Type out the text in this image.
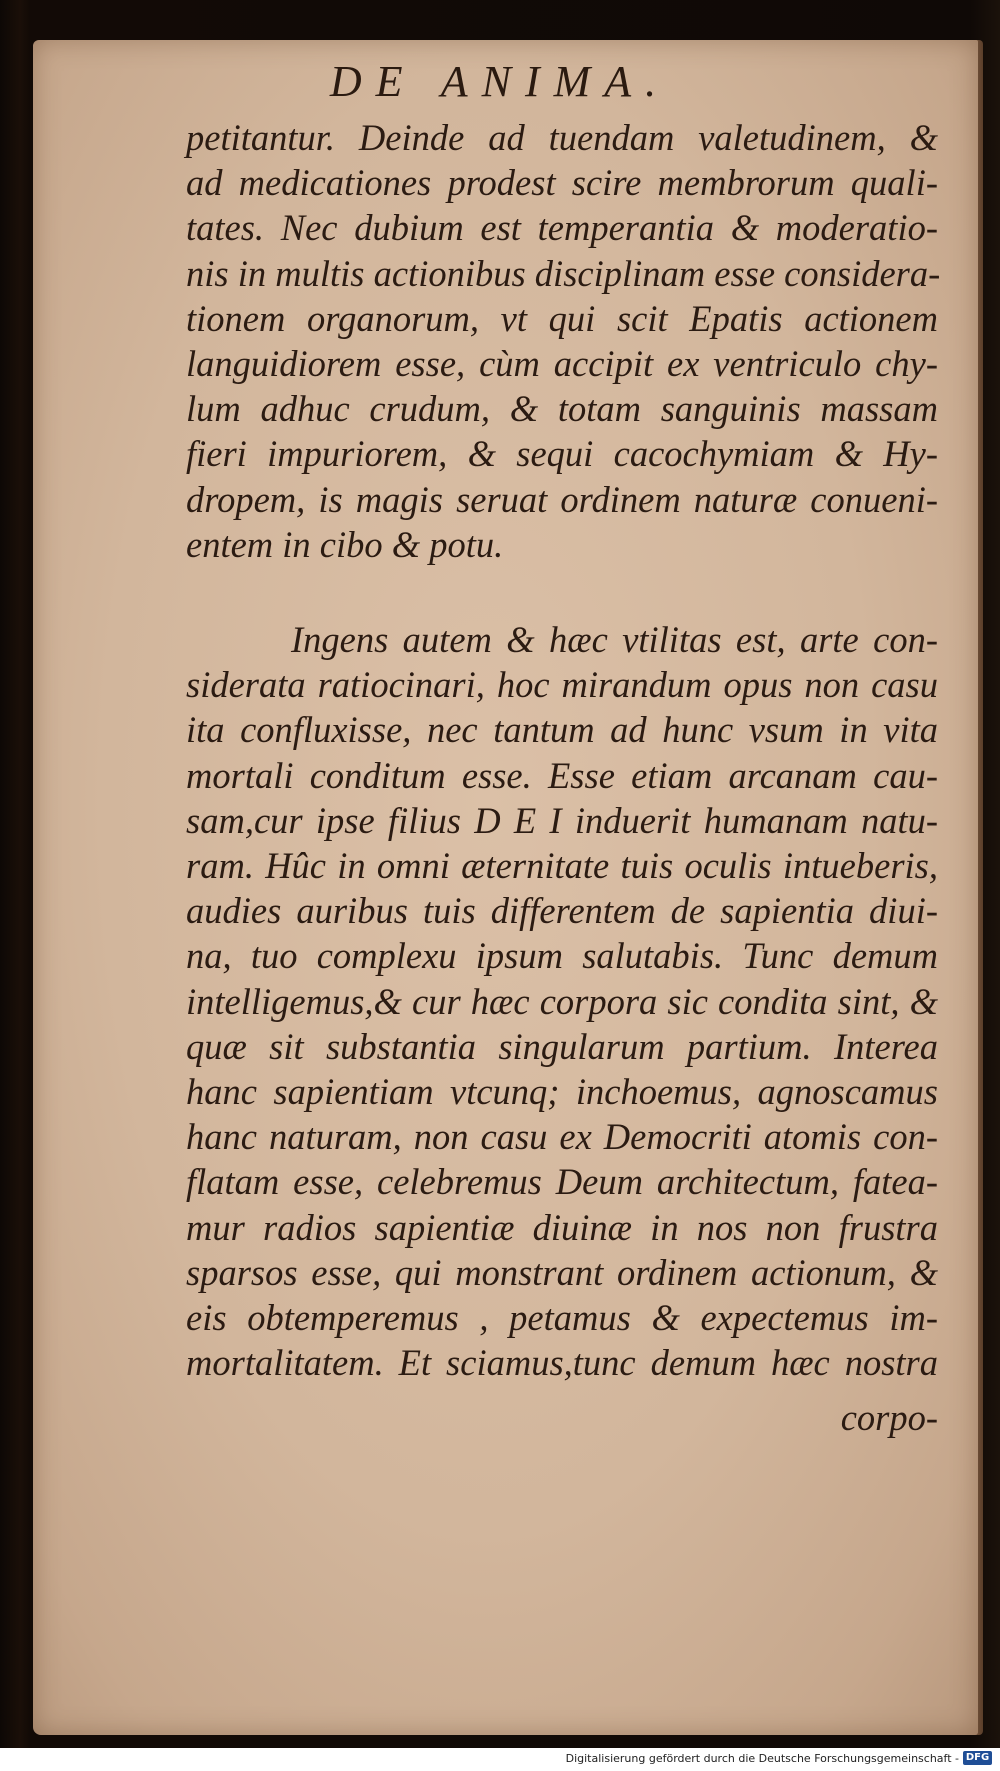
DE ANIMA.
petitantur. Deinde ad tuendam valetudinem, &
ad medicationes prodest scire membrorum quali-
tates. Nec dubium est temperantia & moderatio-
nis in multis actionibus disciplinam esse considera-
tionem organorum, vt qui scit Epatis actionem
languidiorem esse, cùm accipit ex ventriculo chy-
lum adhuc crudum, & totam sanguinis massam
fieri impuriorem, & sequi cacochymiam & Hy-
dropem, is magis seruat ordinem naturæ conueni-
entem in cibo & potu.
Ingens autem & hæc vtilitas est, arte con-
siderata ratiocinari, hoc mirandum opus non casu
ita confluxisse, nec tantum ad hunc vsum in vita
mortali conditum esse. Esse etiam arcanam cau-
sam,cur ipse filius D E I induerit humanam natu-
ram. Hûc in omni æternitate tuis oculis intueberis,
audies auribus tuis differentem de sapientia diui-
na, tuo complexu ipsum salutabis. Tunc demum
intelligemus,& cur hæc corpora sic condita sint, &
quæ sit substantia singularum partium. Interea
hanc sapientiam vtcunq; inchoemus, agnoscamus
hanc naturam, non casu ex Democriti atomis con-
flatam esse, celebremus Deum architectum, fatea-
mur radios sapientiæ diuinæ in nos non frustra
sparsos esse, qui monstrant ordinem actionum, &
eis obtemperemus , petamus & expectemus im-
mortalitatem. Et sciamus,tunc demum hæc nostra
corpo-
Digitalisierung gefördert durch die Deutsche Forschungsgemeinschaft - DFG
